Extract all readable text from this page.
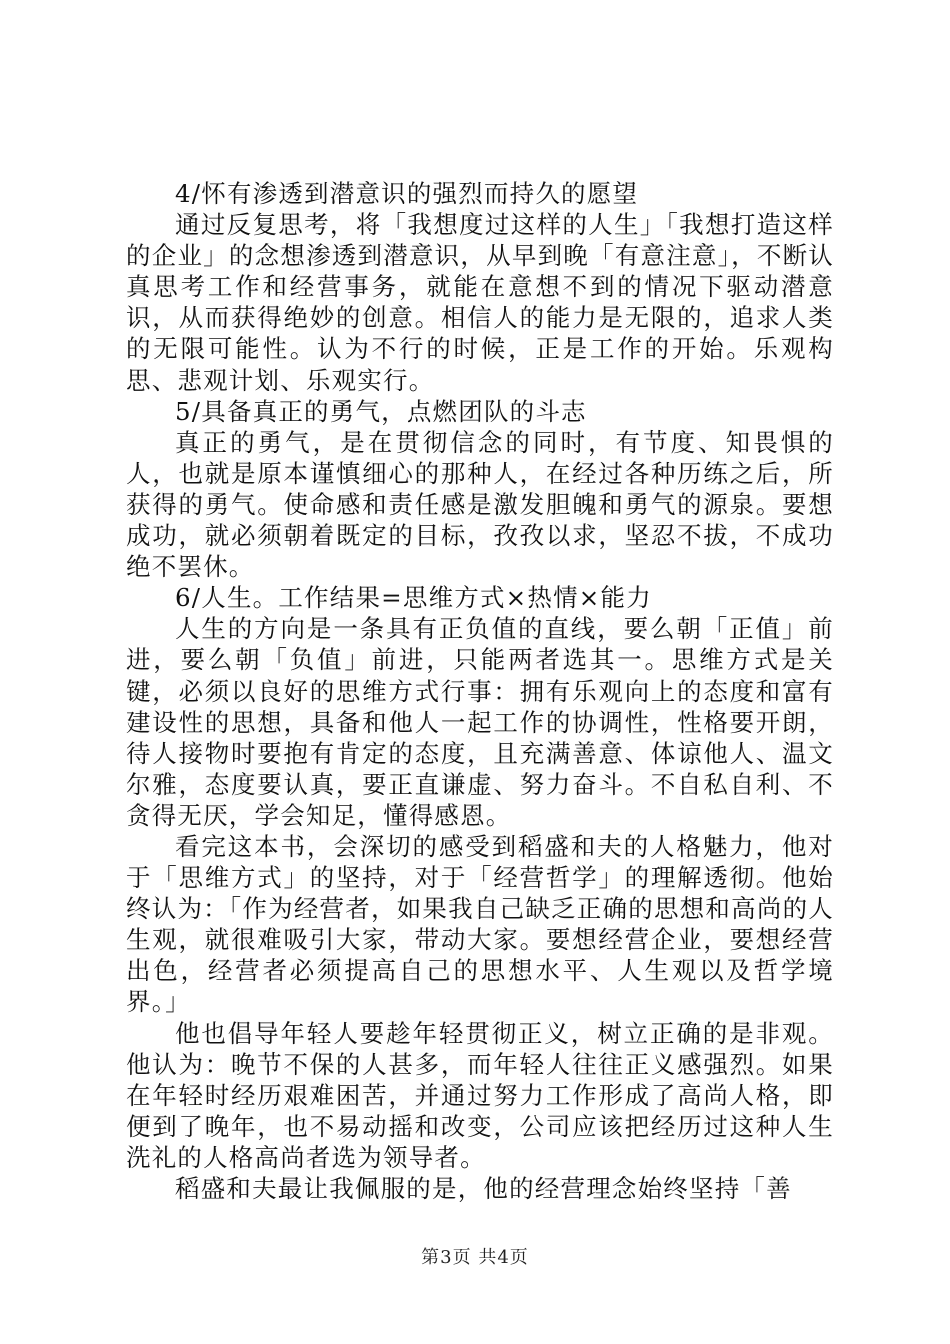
4/怀有渗透到潜意识的强烈而持久的愿望

通过反复思考，将「我想度过这样的人生」「我想打造这样的企业」的念想渗透到潜意识，从早到晚「有意注意」，不断认真思考工作和经营事务，就能在意想不到的情况下驱动潜意识，从而获得绝妙的创意。相信人的能力是无限的，追求人类的无限可能性。认为不行的时候，正是工作的开始。乐观构思、悲观计划、乐观实行。

5/具备真正的勇气，点燃团队的斗志

真正的勇气，是在贯彻信念的同时，有节度、知畏惧的人，也就是原本谨慎细心的那种人，在经过各种历练之后，所获得的勇气。使命感和责任感是激发胆魄和勇气的源泉。要想成功，就必须朝着既定的目标，孜孜以求，坚忍不拔，不成功绝不罢休。

6/人生。工作结果=思维方式×热情×能力

人生的方向是一条具有正负值的直线，要么朝「正值」前进，要么朝「负值」前进，只能两者选其一。思维方式是关键，必须以良好的思维方式行事：拥有乐观向上的态度和富有建设性的思想，具备和他人一起工作的协调性，性格要开朗，待人接物时要抱有肯定的态度，且充满善意、体谅他人、温文尔雅，态度要认真，要正直谦虚、努力奋斗。不自私自利、不贪得无厌，学会知足，懂得感恩。

看完这本书，会深切的感受到稻盛和夫的人格魅力，他对于「思维方式」的坚持，对于「经营哲学」的理解透彻。他始终认为：「作为经营者，如果我自己缺乏正确的思想和高尚的人生观，就很难吸引大家，带动大家。要想经营企业，要想经营出色，经营者必须提高自己的思想水平、人生观以及哲学境界。」

他也倡导年轻人要趁年轻贯彻正义，树立正确的是非观。他认为：晚节不保的人甚多，而年轻人往往正义感强烈。如果在年轻时经历艰难困苦，并通过努力工作形成了高尚人格，即便到了晚年，也不易动摇和改变，公司应该把经历过这种人生洗礼的人格高尚者选为领导者。

稻盛和夫最让我佩服的是，他的经营理念始终坚持「善

第3页 共4页
